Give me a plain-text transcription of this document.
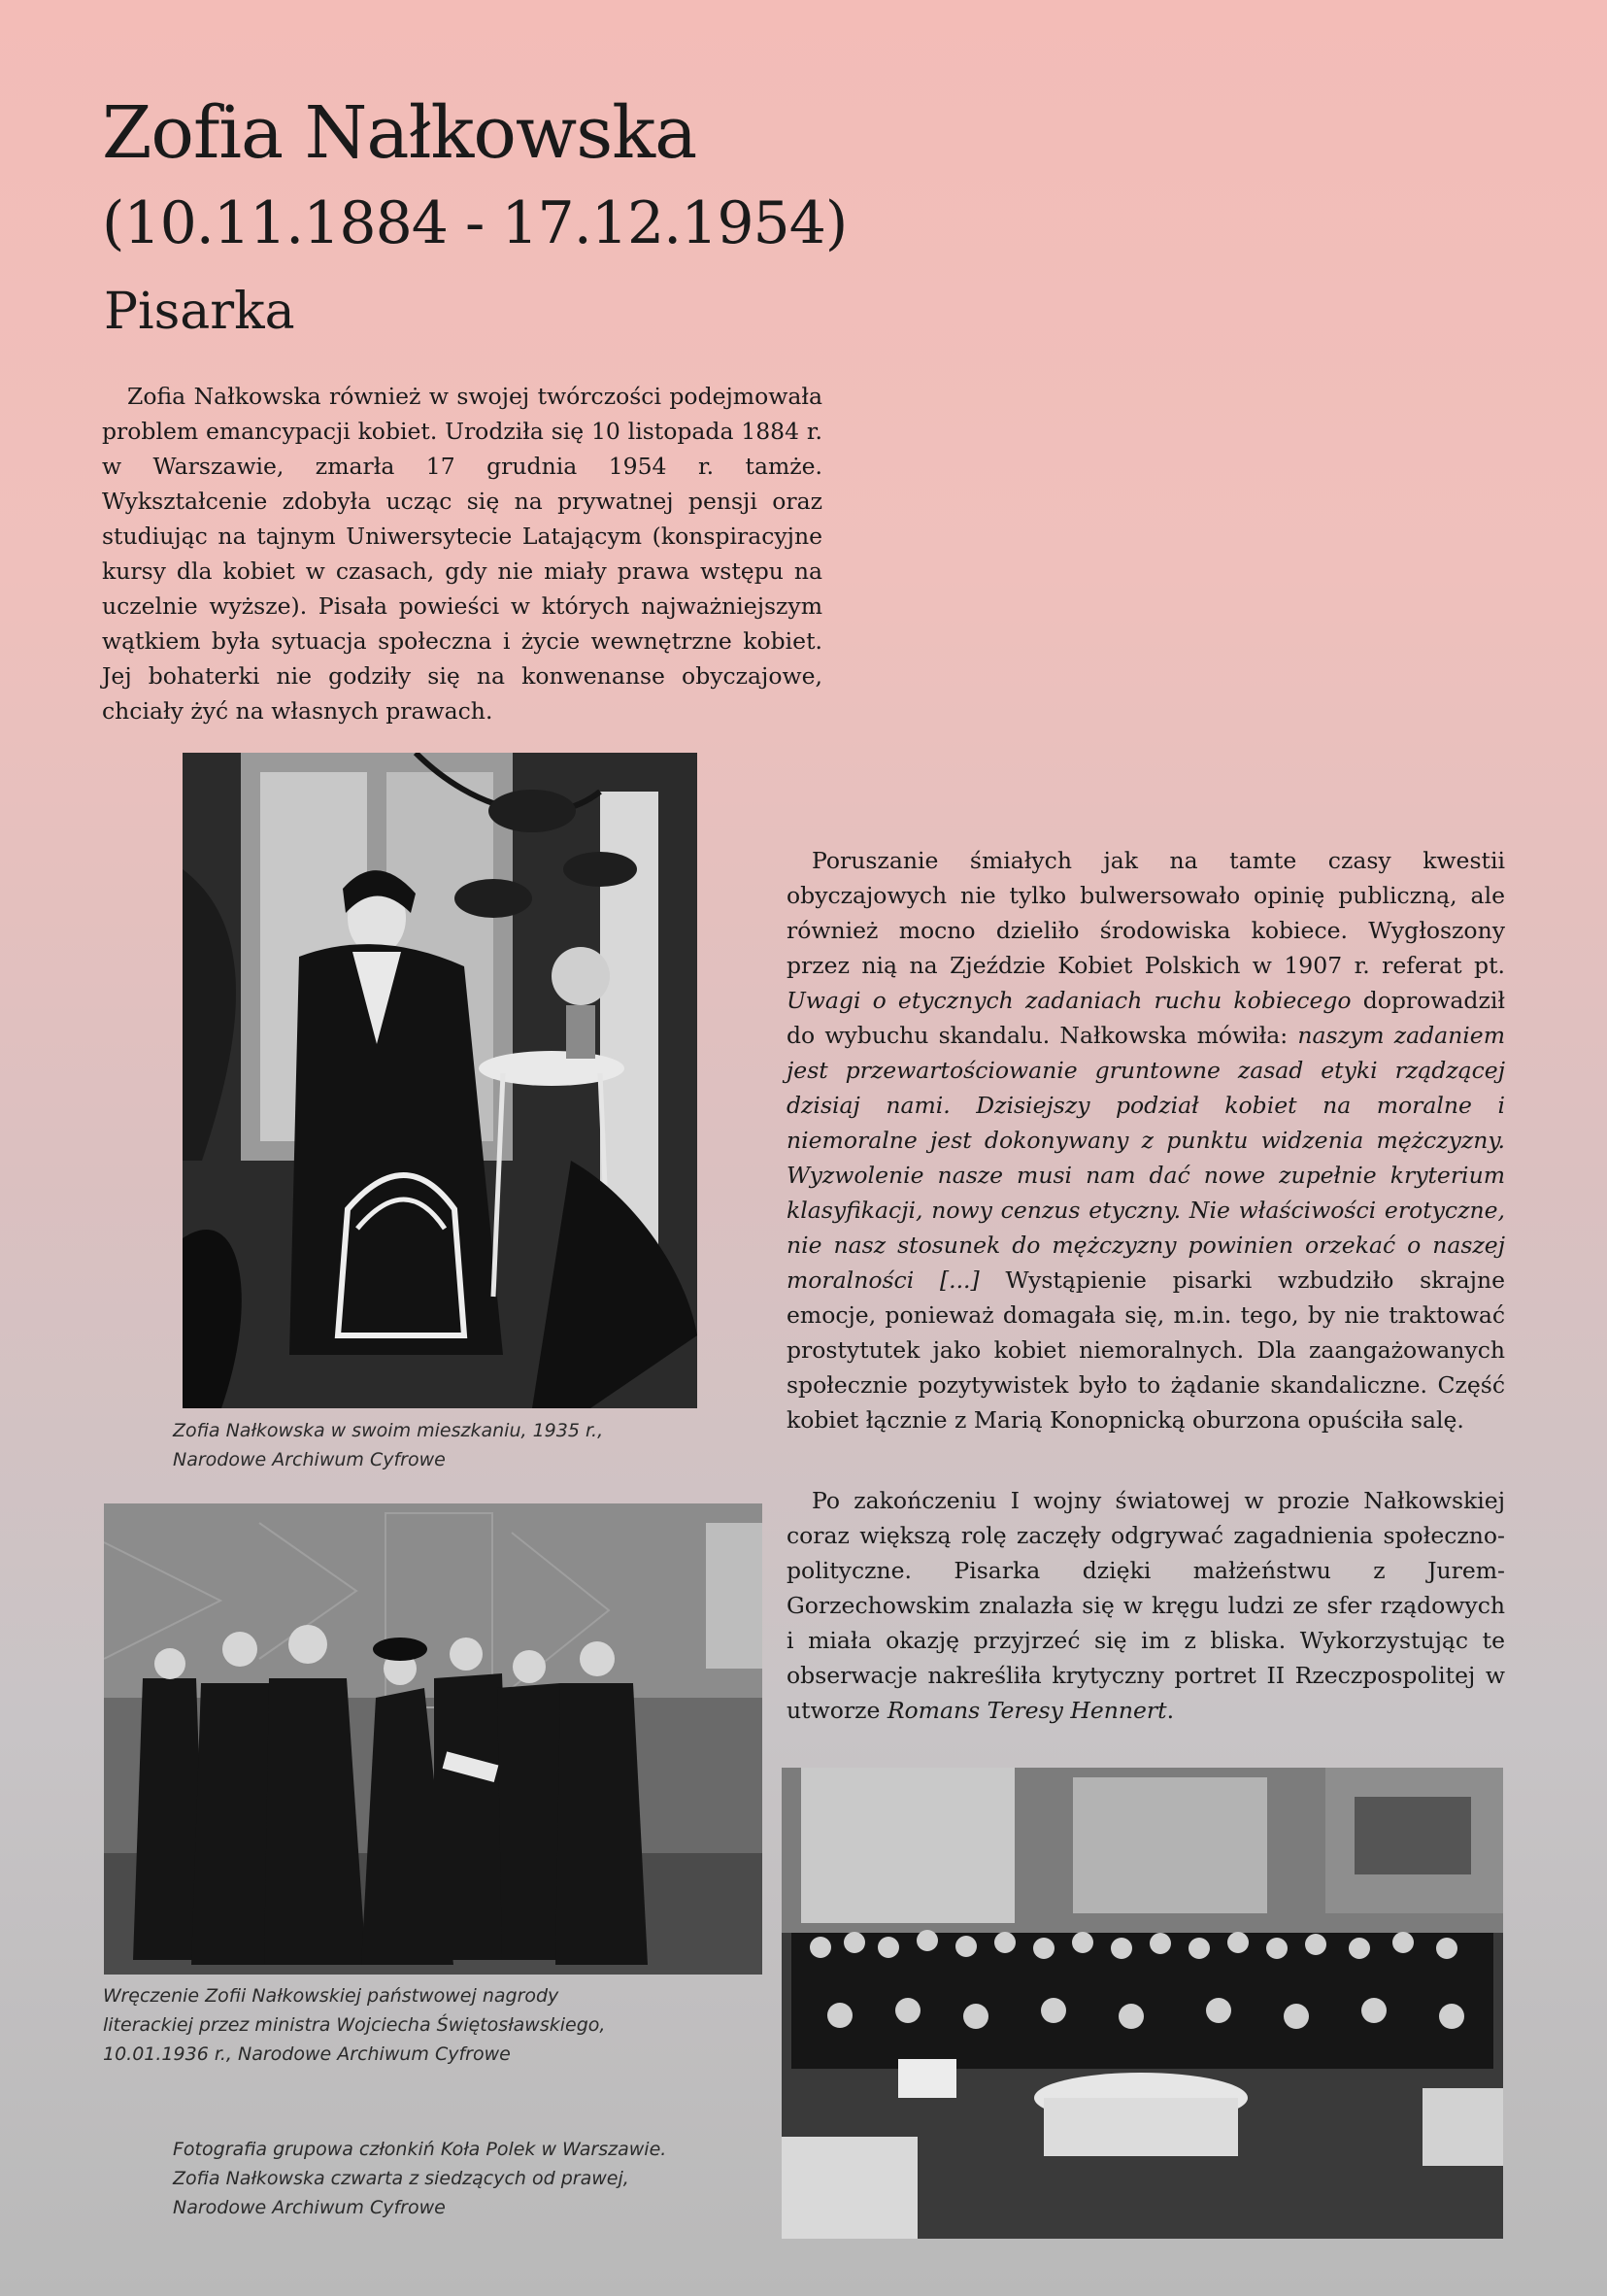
Zofia Nałkowska
(10.11.1884 - 17.12.1954)
Pisarka

Zofia Nałkowska również w swojej twórczości podejmowała problem emancypacji kobiet. Urodziła się 10 listopada 1884 r. w Warszawie, zmarła 17 grudnia 1954 r. tamże. Wykształcenie zdobyła ucząc się na prywatnej pensji oraz studiując na tajnym Uniwersytecie Latającym (konspiracyjne kursy dla kobiet w czasach, gdy nie miały prawa wstępu na uczelnie wyższe). Pisała powieści w których najważniejszym wątkiem była sytuacja społeczna i życie wewnętrzne kobiet. Jej bohaterki nie godziły się na konwenanse obyczajowe, chciały żyć na własnych prawach.

Zofia Nałkowska w swoim mieszkaniu, 1935 r.,
Narodowe Archiwum Cyfrowe
Wręczenie Zofii Nałkowskiej państwowej nagrody
literackiej przez ministra Wojciecha Świętosławskiego,
10.01.1936 r., Narodowe Archiwum Cyfrowe

Poruszanie śmiałych jak na tamte czasy kwestii obyczajowych nie tylko bulwersowało opinię publiczną, ale również mocno dzieliło środowiska kobiece. Wygłoszony przez nią na Zjeździe Kobiet Polskich w 1907 r. referat pt. Uwagi o etycznych zadaniach ruchu kobiecego doprowadził do wybuchu skandalu. Nałkowska mówiła: naszym zadaniem jest przewartościowanie gruntowne zasad etyki rządzącej dzisiaj nami. Dzisiejszy podział kobiet na moralne i niemoralne jest dokonywany z punktu widzenia mężczyzny. Wyzwolenie nasze musi nam dać nowe zupełnie kryterium klasyfikacji, nowy cenzus etyczny. Nie właściwości erotyczne, nie nasz stosunek do mężczyzny powinien orzekać o naszej moralności [...] Wystąpienie pisarki wzbudziło skrajne emocje, ponieważ domagała się, m.in. tego, by nie traktować prostytutek jako kobiet niemoralnych. Dla zaangażowanych społecznie pozytywistek było to żądanie skandaliczne. Część kobiet łącznie z Marią Konopnicką oburzona opuściła salę.

Po zakończeniu I wojny światowej w prozie Nałkowskiej coraz większą rolę zaczęły odgrywać zagadnienia społeczno-polityczne. Pisarka dzięki małżeństwu z Jurem-Gorzechowskim znalazła się w kręgu ludzi ze sfer rządowych i miała okazję przyjrzeć się im z bliska. Wykorzystując te obserwacje nakreśliła krytyczny portret II Rzeczpospolitej w utworze Romans Teresy Hennert.

Fotografia grupowa członkiń Koła Polek w Warszawie.
Zofia Nałkowska czwarta z siedzących od prawej,
Narodowe Archiwum Cyfrowe
